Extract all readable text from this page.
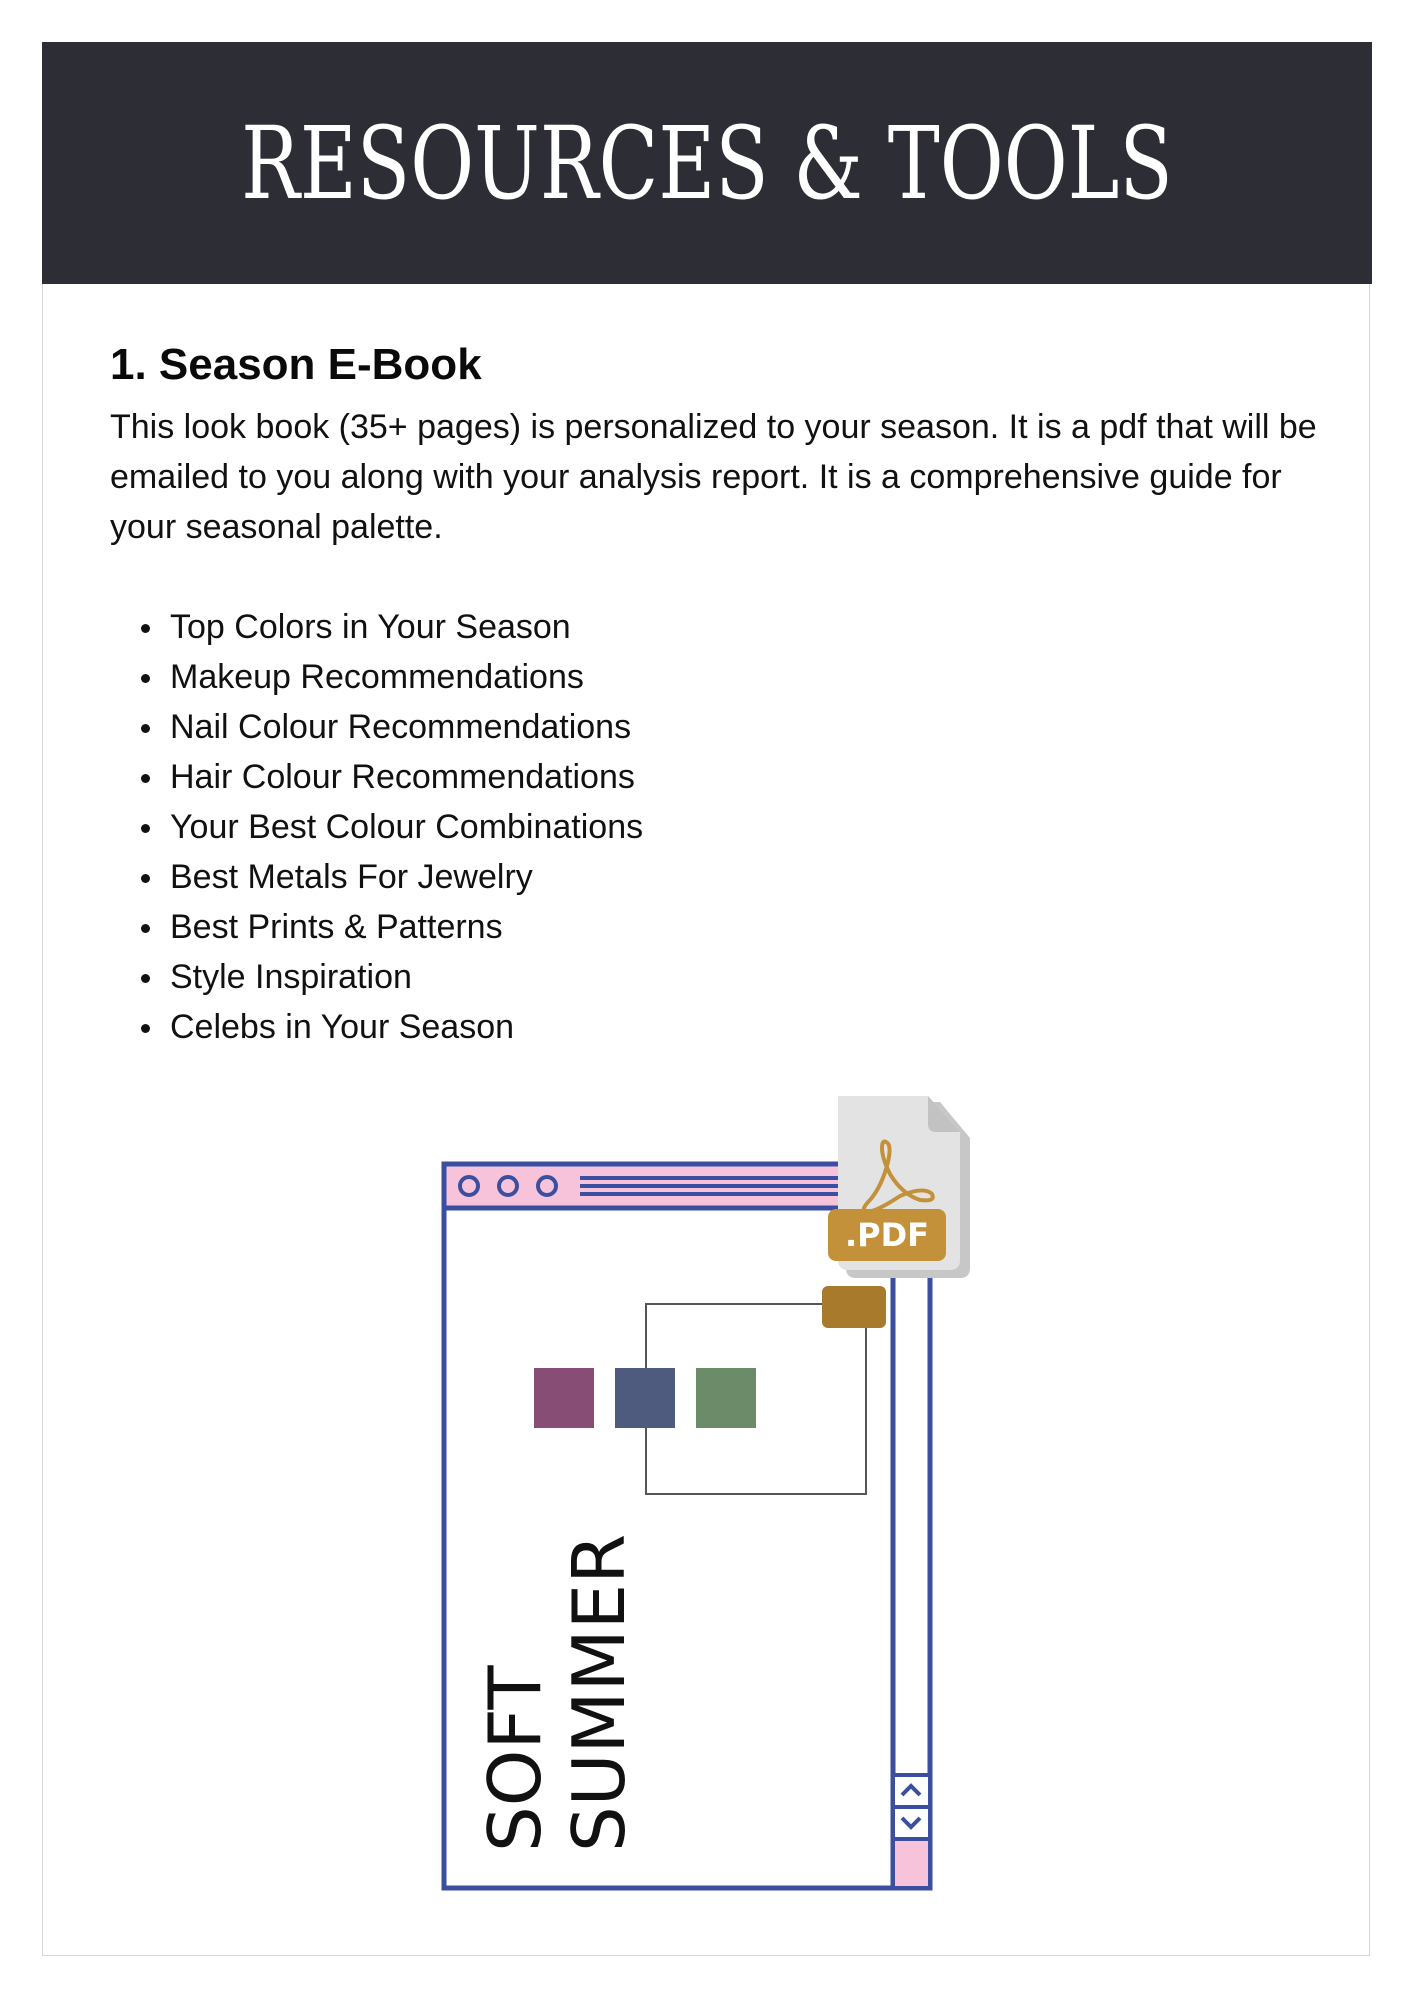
RESOURCES & TOOLS
1. Season E-Book
This look book (35+ pages) is personalized to your season. It is a pdf that will be emailed to you along with your analysis report. It is a comprehensive guide for your seasonal palette.
Top Colors in Your Season
Makeup Recommendations
Nail Colour Recommendations
Hair Colour Recommendations
Your Best Colour Combinations
Best Metals For Jewelry
Best Prints & Patterns
Style Inspiration
Celebs in Your Season
SOFT SUMMER
.PDF
